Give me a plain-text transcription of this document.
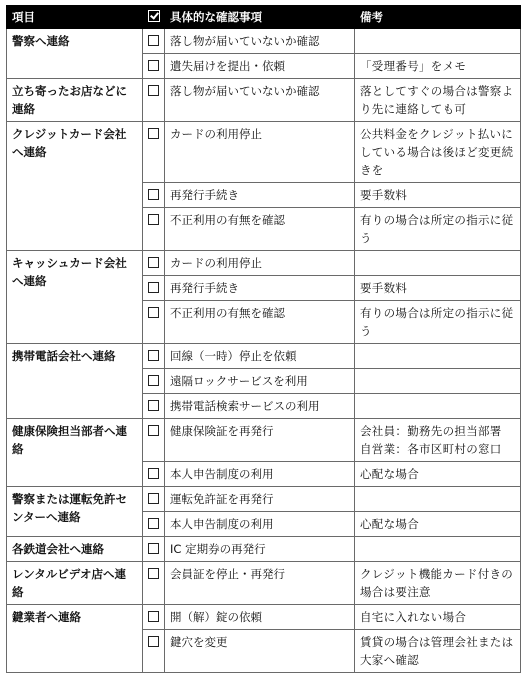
項目		具体的な確認事項	備考
警察へ連絡		落し物が届いていないか確認	
		遺失届けを提出・依頼	「受理番号」をメモ
立ち寄ったお店などに連絡		落し物が届いていないか確認	落としてすぐの場合は警察より先に連絡しても可
クレジットカード会社へ連絡		カードの利用停止	公共料金をクレジット払いにしている場合は後ほど変更続きを
		再発行手続き	要手数料
		不正利用の有無を確認	有りの場合は所定の指示に従う
キャッシュカード会社へ連絡		カードの利用停止	
		再発行手続き	要手数料
		不正利用の有無を確認	有りの場合は所定の指示に従う
携帯電話会社へ連絡		回線（一時）停止を依頼	
		遠隔ロックサービスを利用	
		携帯電話検索サービスの利用	
健康保険担当部者へ連絡		健康保険証を再発行	会社員：勤務先の担当部署
自営業：各市区町村の窓口
		本人申告制度の利用	心配な場合
警察または運転免許センターへ連絡		運転免許証を再発行	
		本人申告制度の利用	心配な場合
各鉄道会社へ連絡		IC 定期券の再発行	
レンタルビデオ店へ連絡		会員証を停止・再発行	クレジット機能カード付きの場合は要注意
鍵業者へ連絡		開（解）錠の依頼	自宅に入れない場合
		鍵穴を変更	賃貸の場合は管理会社または大家へ確認
